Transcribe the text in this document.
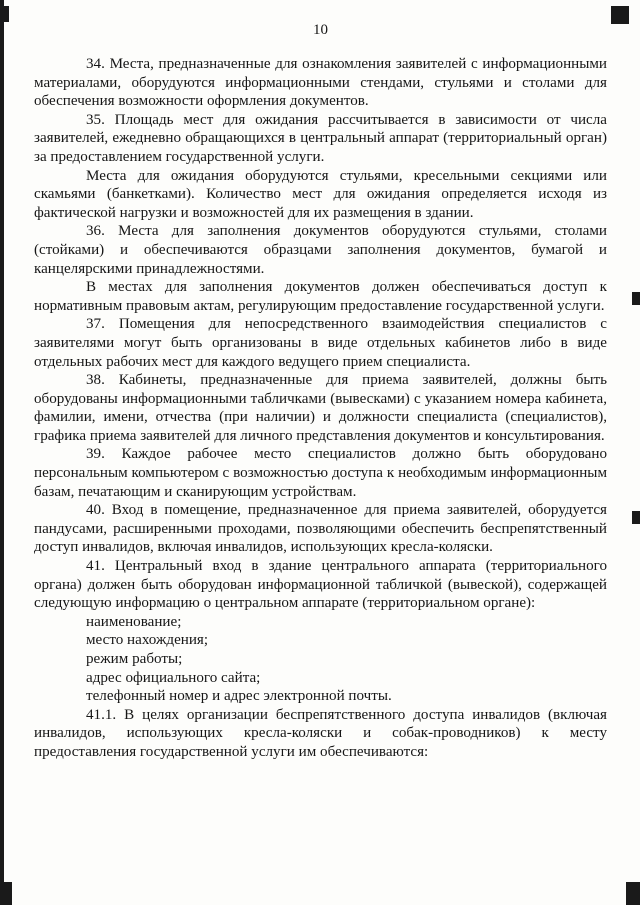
10

34. Места, предназначенные для ознакомления заявителей с информационными материалами, оборудуются информационными стендами, стульями и столами для обеспечения возможности оформления документов.

35. Площадь мест для ожидания рассчитывается в зависимости от числа заявителей, ежедневно обращающихся в центральный аппарат (территориальный орган) за предоставлением государственной услуги.

Места для ожидания оборудуются стульями, кресельными секциями или скамьями (банкетками). Количество мест для ожидания определяется исходя из фактической нагрузки и возможностей для их размещения в здании.

36. Места для заполнения документов оборудуются стульями, столами (стойками) и обеспечиваются образцами заполнения документов, бумагой и канцелярскими принадлежностями.

В местах для заполнения документов должен обеспечиваться доступ к нормативным правовым актам, регулирующим предоставление государственной услуги.

37. Помещения для непосредственного взаимодействия специалистов с заявителями могут быть организованы в виде отдельных кабинетов либо в виде отдельных рабочих мест для каждого ведущего прием специалиста.

38. Кабинеты, предназначенные для приема заявителей, должны быть оборудованы информационными табличками (вывесками) с указанием номера кабинета, фамилии, имени, отчества (при наличии) и должности специалиста (специалистов), графика приема заявителей для личного представления документов и консультирования.

39. Каждое рабочее место специалистов должно быть оборудовано персональным компьютером с возможностью доступа к необходимым информационным базам, печатающим и сканирующим устройствам.

40. Вход в помещение, предназначенное для приема заявителей, оборудуется пандусами, расширенными проходами, позволяющими обеспечить беспрепятственный доступ инвалидов, включая инвалидов, использующих кресла-коляски.

41. Центральный вход в здание центрального аппарата (территориального органа) должен быть оборудован информационной табличкой (вывеской), содержащей следующую информацию о центральном аппарате (территориальном органе):

наименование;

место нахождения;

режим работы;

адрес официального сайта;

телефонный номер и адрес электронной почты.

41.1. В целях организации беспрепятственного доступа инвалидов (включая инвалидов, использующих кресла-коляски и собак-проводников) к месту предоставления государственной услуги им обеспечиваются:
